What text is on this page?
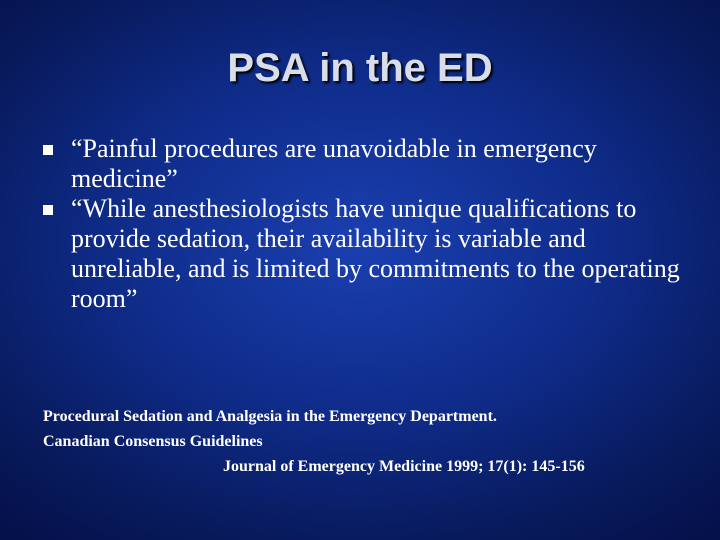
PSA in the ED
“Painful procedures are unavoidable in emergency medicine”
“While anesthesiologists have unique qualifications to provide sedation, their availability is variable and unreliable, and is limited by commitments to the operating room”
Procedural Sedation and Analgesia in the Emergency Department.
Canadian Consensus Guidelines
Journal of Emergency Medicine 1999; 17(1): 145-156
